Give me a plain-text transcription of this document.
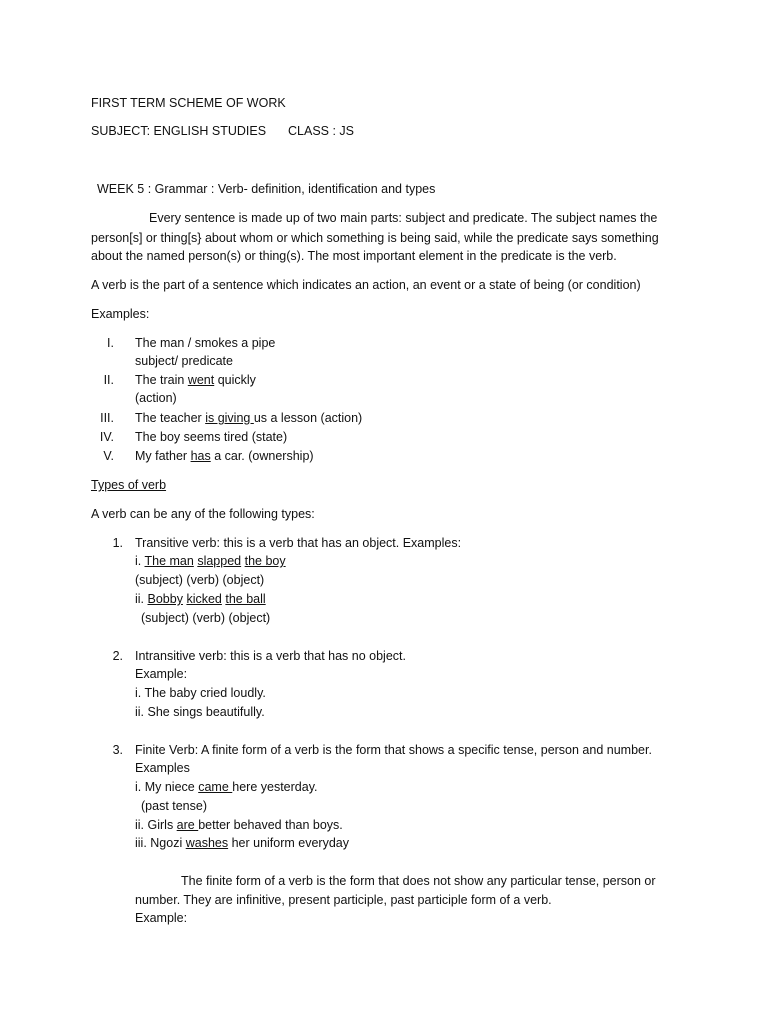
FIRST TERM SCHEME OF WORK
SUBJECT: ENGLISH STUDIES CLASS : JS
WEEK 5 : Grammar : Verb- definition, identification and types
Every sentence is made up of two main parts: subject and predicate. The subject names the
person[s] or thing[s} about whom or which something is being said, while the predicate says something
about the named person(s) or thing(s). The most important element in the predicate is the verb.
A verb is the part of a sentence which indicates an action, an event or a state of being (or condition)
Examples:
I. The man / smokes a pipe
subject/ predicate
II. The train went quickly
(action)
III. The teacher is giving us a lesson (action)
IV. The boy seems tired (state)
V. My father has a car. (ownership)
Types of verb
A verb can be any of the following types:
1. Transitive verb: this is a verb that has an object. Examples:
i. The man slapped the boy
(subject) (verb) (object)
ii. Bobby kicked the ball
(subject) (verb) (object)
2. Intransitive verb: this is a verb that has no object.
Example:
i. The baby cried loudly.
ii. She sings beautifully.
3. Finite Verb: A finite form of a verb is the form that shows a specific tense, person and number.
Examples
i. My niece came here yesterday.
(past tense)
ii. Girls are better behaved than boys.
iii. Ngozi washes her uniform everyday
The finite form of a verb is the form that does not show any particular tense, person or
number. They are infinitive, present participle, past participle form of a verb.
Example:
